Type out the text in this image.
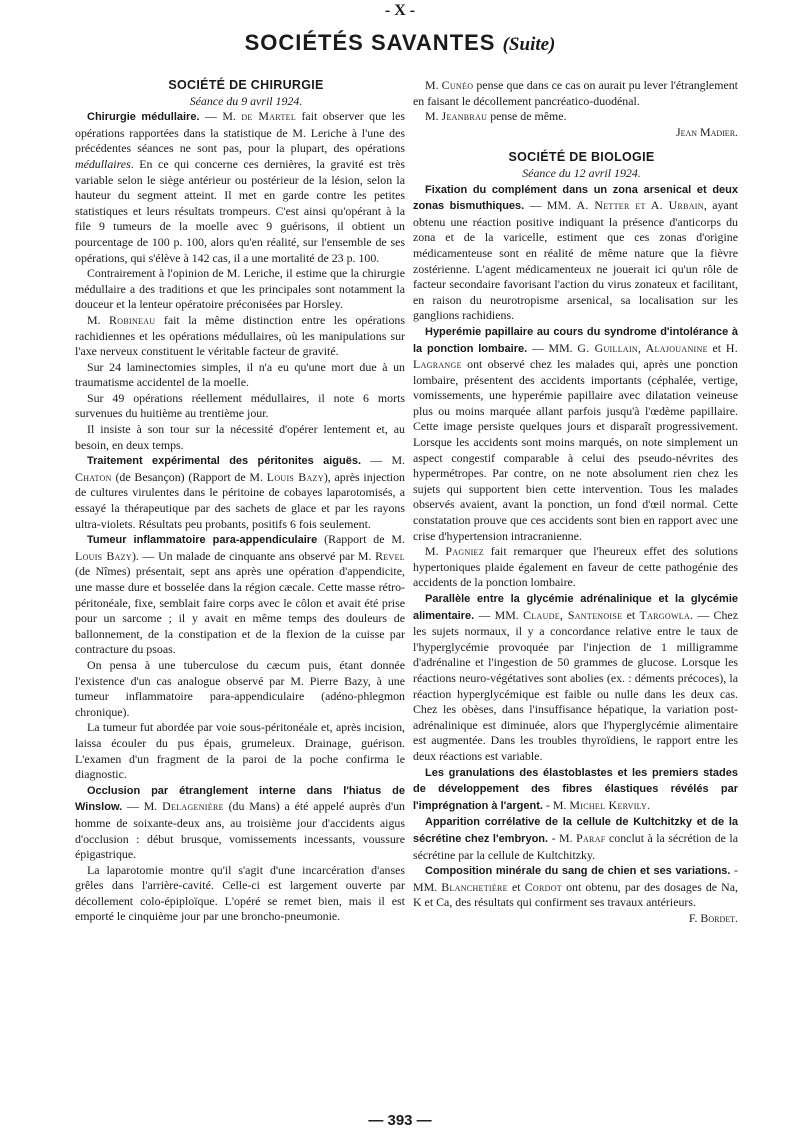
- X -
SOCIÉTÉS SAVANTES (Suite)

SOCIÉTÉ DE CHIRURGIE

Séance du 9 avril 1924.

Chirurgie médullaire. — M. de Martel fait observer que les opérations rapportées dans la statistique de M. Leriche à l'une des précédentes séances ne sont pas, pour la plupart, des opérations médullaires. En ce qui concerne ces dernières, la gravité est très variable selon le siège antérieur ou postérieur de la lésion, selon la hauteur du segment atteint. Il met en garde contre les petites statistiques et leurs résultats trompeurs. C'est ainsi qu'opérant à la file 9 tumeurs de la moelle avec 9 guérisons, il obtient un pourcentage de 100 p. 100, alors qu'en réalité, sur l'ensemble de ses opérations, qui s'élève à 142 cas, il a une mortalité de 23 p. 100.

Contrairement à l'opinion de M. Leriche, il estime que la chirurgie médullaire a des traditions et que les principales sont notamment la douceur et la lenteur opératoire préconisées par Horsley.

M. Robineau fait la même distinction entre les opérations rachidiennes et les opérations médullaires, où les manipulations sur l'axe nerveux constituent le véritable facteur de gravité.

Sur 24 laminectomies simples, il n'a eu qu'une mort due à un traumatisme accidentel de la moelle.

Sur 49 opérations réellement médullaires, il note 6 morts survenues du huitième au trentième jour.

Il insiste à son tour sur la nécessité d'opérer lentement et, au besoin, en deux temps.

Traitement expérimental des péritonites aiguës. — M. Chaton (de Besançon) (Rapport de M. Louis Bazy), après injection de cultures virulentes dans le péritoine de cobayes laparotomisés, a essayé la thérapeutique par des sachets de glace et par les rayons ultra-violets. Résultats peu probants, positifs 6 fois seulement.

Tumeur inflammatoire para-appendiculaire (Rapport de M. Louis Bazy). — Un malade de cinquante ans observé par M. Revel (de Nîmes) présentait, sept ans après une opération d'appendicite, une masse dure et bosselée dans la région cæcale. Cette masse rétro-péritonéale, fixe, semblait faire corps avec le côlon et avait été prise pour un sarcome ; il y avait en même temps des douleurs de ballonnement, de la constipation et de la flexion de la cuisse par contracture du psoas.

On pensa à une tuberculose du cæcum puis, étant donnée l'existence d'un cas analogue observé par M. Pierre Bazy, à une tumeur inflammatoire para-appendiculaire (adéno-phlegmon chronique).

La tumeur fut abordée par voie sous-péritonéale et, après incision, laissa écouler du pus épais, grumeleux. Drainage, guérison. L'examen d'un fragment de la paroi de la poche confirma le diagnostic.

Occlusion par étranglement interne dans l'hiatus de Winslow. — M. Delagenière (du Mans) a été appelé auprès d'un homme de soixante-deux ans, au troisième jour d'accidents aigus d'occlusion : début brusque, vomissements incessants, voussure épigastrique.

La laparotomie montre qu'il s'agit d'une incarcération d'anses grêles dans l'arrière-cavité. Celle-ci est largement ouverte par décollement colo-épiploïque. L'opéré se remet bien, mais il est emporté le cinquième jour par une broncho-pneumonie.

M. Cunéo pense que dans ce cas on aurait pu lever l'étranglement en faisant le décollement pancréatico-duodénal.

M. Jeanbrau pense de même.

Jean Madier.

SOCIÉTÉ DE BIOLOGIE

Séance du 12 avril 1924.

Fixation du complément dans un zona arsenical et deux zonas bismuthiques. — MM. A. Netter et A. Urbain, ayant obtenu une réaction positive indiquant la présence d'anticorps du zona et de la varicelle, estiment que ces zonas d'origine médicamenteuse sont en réalité de même nature que la fièvre zostérienne. L'agent médicamenteux ne jouerait ici qu'un rôle de facteur secondaire favorisant l'action du virus zonateux et facilitant, en raison du neurotropisme arsenical, sa localisation sur les ganglions rachidiens.

Hyperémie papillaire au cours du syndrome d'intolérance à la ponction lombaire. — MM. G. Guillain, Alajouanine et H. Lagrange ont observé chez les malades qui, après une ponction lombaire, présentent des accidents importants (céphalée, vertige, vomissements, une hyperémie papillaire avec dilatation veineuse plus ou moins marquée allant parfois jusqu'à l'œdème papillaire. Cette image persiste quelques jours et disparaît progressivement. Lorsque les accidents sont moins marqués, on note simplement un aspect congestif comparable à celui des pseudo-névrites des hypermétropes. Par contre, on ne note absolument rien chez les sujets qui supportent bien cette intervention. Tous les malades observés avaient, avant la ponction, un fond d'œil normal. Cette constatation prouve que ces accidents sont bien en rapport avec une crise d'hypertension intracranienne.

M. Pagniez fait remarquer que l'heureux effet des solutions hypertoniques plaide également en faveur de cette pathogénie des accidents de la ponction lombaire.

Parallèle entre la glycémie adrénalinique et la glycémie alimentaire. — MM. Claude, Santenoise et Targowla. — Chez les sujets normaux, il y a concordance relative entre le taux de l'hyperglycémie provoquée par l'injection de 1 milligramme d'adrénaline et l'ingestion de 50 grammes de glucose. Lorsque les réactions neuro-végétatives sont abolies (ex. : déments précoces), la réaction hyperglycémique est faible ou nulle dans les deux cas. Chez les obèses, dans l'insuffisance hépatique, la variation post-adrénalinique est diminuée, alors que l'hyperglycémie alimentaire est augmentée. Dans les troubles thyroïdiens, le rapport entre les deux réactions est variable.

Les granulations des élastoblastes et les premiers stades de développement des fibres élastiques révélés par l'imprégnation à l'argent. - M. Michel Kervily.

Apparition corrélative de la cellule de Kultchitzky et de la sécrétine chez l'embryon. - M. Paraf conclut à la sécrétion de la sécrétine par la cellule de Kultchitzky.

Composition minérale du sang de chien et ses variations. - MM. Blanchetière et Cordot ont obtenu, par des dosages de Na, K et Ca, des résultats qui confirment ses travaux antérieurs.

F. Bordet.

— 393 —
